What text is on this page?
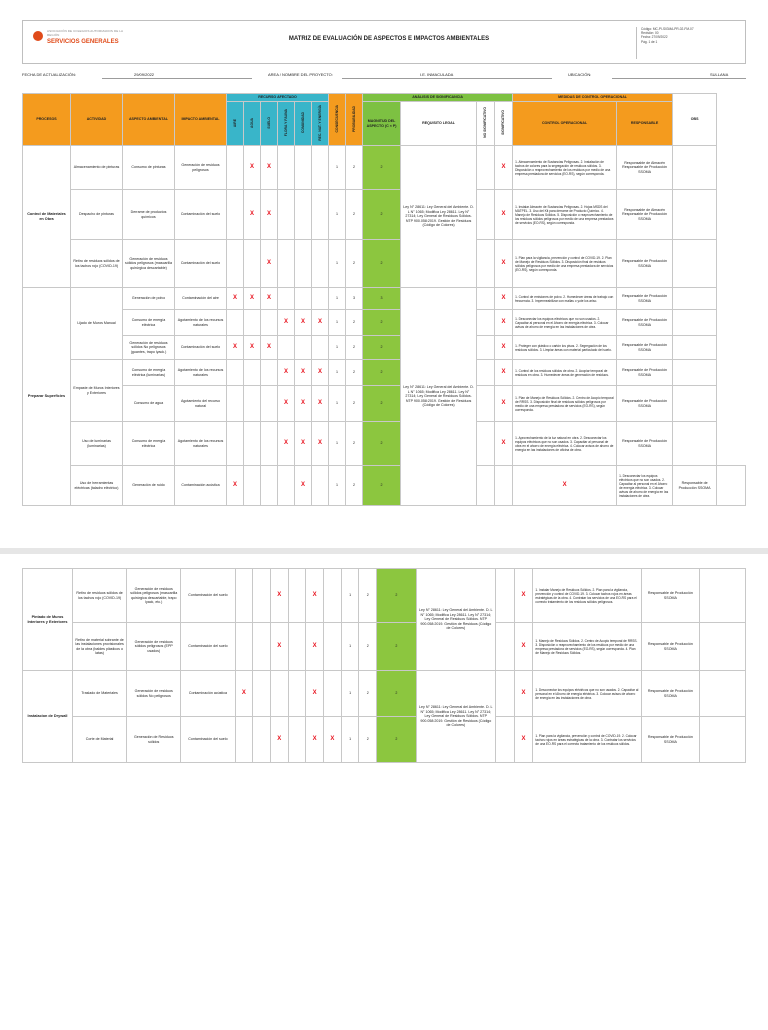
ASOCIACIÓN DE COLEGIOS AUTORIZADOS DE LA REGIÓN
SERVICIOS GENERALES	MATRIZ DE EVALUACIÓN DE ASPECTOS E IMPACTOS AMBIENTALES
Código: MC-PI-SIGMA-PR-02-FM-07
Revisión: 00
Fecha: 27/09/2022
Pág. 1 de 1
FECHA DE ACTUALIZACIÓN:	29/09/2022	AREA / NOMBRE DEL PROYECTO:	I.E. INMACULADA	UBICACIÓN:	SULLANA
PROCESOS	ACTIVIDAD	ASPECTO AMBIENTAL	IMPACTO AMBIENTAL	RECURSO AFECTADO						CONSECUENCIA	PROBABILIDAD	ANÁLISIS DE SIGNIFICANCIA				MEDIDAS DE CONTROL OPERACIONAL		OBS	
				AIRE	AGUA	SUELO	FLORA Y FAUNA	COMUNIDAD	REC. NAT. Y ENERGÍA			MAGNITUD DEL ASPECTO (C × P)	REQUISITO LEGAL	NO SIGNIFICATIVO	SIGNIFICATIVO	CONTROL OPERACIONAL	RESPONSABLE		
Control de Materiales en Obra	Almacenamiento de pinturas	Consumo de pinturas	Generación de residuos peligrosos		X	X				1	2	2	Ley N° 28611: Ley General del Ambiente. D. L N° 1065; Modifica Ley 28611. Ley N° 27314; Ley General de Residuos Sólidos. NTP 900.058:2019. Gestión de Residuos (Código de Colores)		X	1. Almacenamiento de Sustancias Peligrosas. 2. Instalación de tachos de colores para la segregación de residuos sólidos. 3. Disposición o reaprovechamiento de los residuos por medio de una empresa prestadora de servicios (EO-RS), según corresponda.	Responsable de Almacén Responsable de Producción SSOMA		
	Despacho de pinturas	Derrame de productos químicos	Contaminación del suelo		X	X				1	2	2			X	1. Instalar Almacén de Sustancias Peligrosas. 2. Hojas MSDS del MATPEL. 3. Uso del Kit para derrame de Producto Químico. 4. Manejo de Residuos Sólidos. 5. Disposición o reaprovechamiento de los residuos sólidos peligrosos por medio de una empresa prestadora de servicios (EO-RS), según corresponda.	Responsable de Almacén Responsable de Producción SSOMA		
	Retiro de residuos sólidos de los tachos rojo (COVID-19)	Generación de residuos sólidos peligrosos (mascarilla quirúrgica descartable)	Contaminación del suelo			X				1	2	2			X	1. Plan para la vigilancia, prevención y control de COVID-19. 2. Plan de Manejo de Residuos Sólidos. 3. Disposición final de residuos sólidos peligrosos por medio de una empresa prestadora de servicios (EO-RS), según corresponda.	Responsable de Producción SSOMA		
Preparar Superficies	Lijado de Muros Manual	Generación de polvo	Contaminación del aire	X	X	X				1	3	3	Ley N° 28611: Ley General del Ambiente. D. L N° 1065; Modifica Ley 28611. Ley N° 27314; Ley General de Residuos Sólidos. NTP 900.058:2019. Gestión de Residuos (Código de Colores)		X	1. Control de emisiones de polvo. 2. Humedecer áreas de trabajo con frecuencia. 3. Impermeabilizar con mallas o yute los ariso.	Responsable de Producción SSOMA		
		Consumo de energía eléctrica	Agotamiento de los recursos naturales				X	X	X	1	2	2			X	1. Desconectar los equipos eléctricos que no son usados. 2. Capacitar al personal en el Ahorro de energía eléctrica. 3. Colocar avisos de ahorro de energía en las instalaciones de obra.	Responsable de Producción SSOMA		
		Generación de residuos sólidos No peligrosos (guantes, trapo lyack.)	Contaminación del suelo	X	X	X				1	2	2			X	1. Proteger con plástico o cartón los pisos. 2. Segregación de los residuos sólidos. 3. Limpiar áreas con material particulado del suelo.	Responsable de Producción SSOMA		
	Empaste de Muros Interiores y Exteriores	Consumo de energía eléctrica (luminarias)	Agotamiento de los recursos naturales				X	X	X	1	2	2			X	1. Control de los residuos sólidos de obra. 2. Acopiar temporal de residuos en obra. 3. Humedecer áreas de generación de residuos.	Responsable de Producción SSOMA		
		Consumo de agua	Agotamiento del recurso natural				X	X	X	1	2	2			X	1. Plan de Manejo de Residuos Sólidos. 2. Centro de Acopio temporal de RRSS. 3. Disposición final de residuos sólidos peligrosos por medio de una empresa prestadora de servicios (EO-RS), según corresponda.	Responsable de Producción SSOMA		
	Uso de luminarias (luminarias)	Consumo de energía eléctrica	Agotamiento de los recursos naturales				X	X	X	1	2	2			X	1. Aprovechamiento de la luz natural en obra. 2. Desconectar los equipos eléctricos que no son usados. 3. Capacitar al personal de obra en el ahorro de energía eléctrica. 4. Colocar avisos de ahorro de energía en las instalaciones de oficina de obra.	Responsable de Producción SSOMA		
	Uso de herramientas eléctricas (taladro eléctrico)	Generación de ruido	Contaminación acústica	X				X		1	2	2				X	1. Desconectar los equipos eléctricos que no son usados. 2. Capacitar al personal en el Ahorro de energía eléctrica. 3. Colocar avisos de ahorro de energía en las instalaciones de obra.	Responsable de Producción SSOMA	
Pintado de Muros Interiores y Exteriores	Retiro de residuos sólidos de los tachos rojo (COVID-19)	Generación de residuos sólidos peligrosos (mascarilla quirúrgica descartable, trapo lyack, etc.)	Contaminación del suelo			X		X		1	2	2	Ley N° 28611: Ley General del Ambiente. D. L N° 1065; Modifica Ley 28611. Ley N° 27314; Ley General de Residuos Sólidos. NTP 900.058:2019. Gestión de Residuos (Código de Colores)		X	1. Instalar Manejo de Residuos Sólidos. 2. Plan para la vigilancia, prevención y control de COVID-19. 3. Colocar tachos rojos en áreas estratégicas de la obra. 4. Contratar los servicios de una EO-RS para el correcto tratamiento de los residuos sólidos peligrosos.	Responsable de Producción SSOMA	
	Retiro de material sobrante de las instalaciones provisionales de la obra (baldes plásticos o latas)	Generación de residuos sólidos peligrosos (EPP usados)	Contaminación del suelo			X		X		1	2	2			X	1. Manejo de Residuos Sólidos. 2. Centro de Acopio temporal de RRSS. 3. Disposición o reaprovechamiento de los residuos por medio de una empresa prestadora de servicios (EO-RS), según corresponda. 4. Plan de Manejo de Residuos Sólidos.	Responsable de Producción SSOMA	
Instalacion de Drywall	Traslado de Materiales	Generación de residuos sólidos No peligrosos	Contaminación acústica	X				X		1	2	2	Ley N° 28611: Ley General del Ambiente. D. L N° 1065; Modifica Ley 28611. Ley N° 27314; Ley General de Residuos Sólidos. NTP 900.058:2019. Gestión de Residuos (Código de Colores)		X	1. Desconectar los equipos eléctricos que no son usados. 2. Capacitar al personal en el Ahorro de energía eléctrica. 3. Colocar avisos de ahorro de energía en las instalaciones de obra.	Responsable de Producción SSOMA	
	Corte de Material	Generación de Residuos sólidos	Contaminación del suelo			X		X	X	1	2	2			X	1. Plan para la vigilancia, prevención y control de COVID-19. 2. Colocar tachos rojos en áreas estratégicas de la obra. 3. Contratar los servicios de una EO-RS para el correcto tratamiento de los residuos sólidos.	Responsable de Producción SSOMA	
